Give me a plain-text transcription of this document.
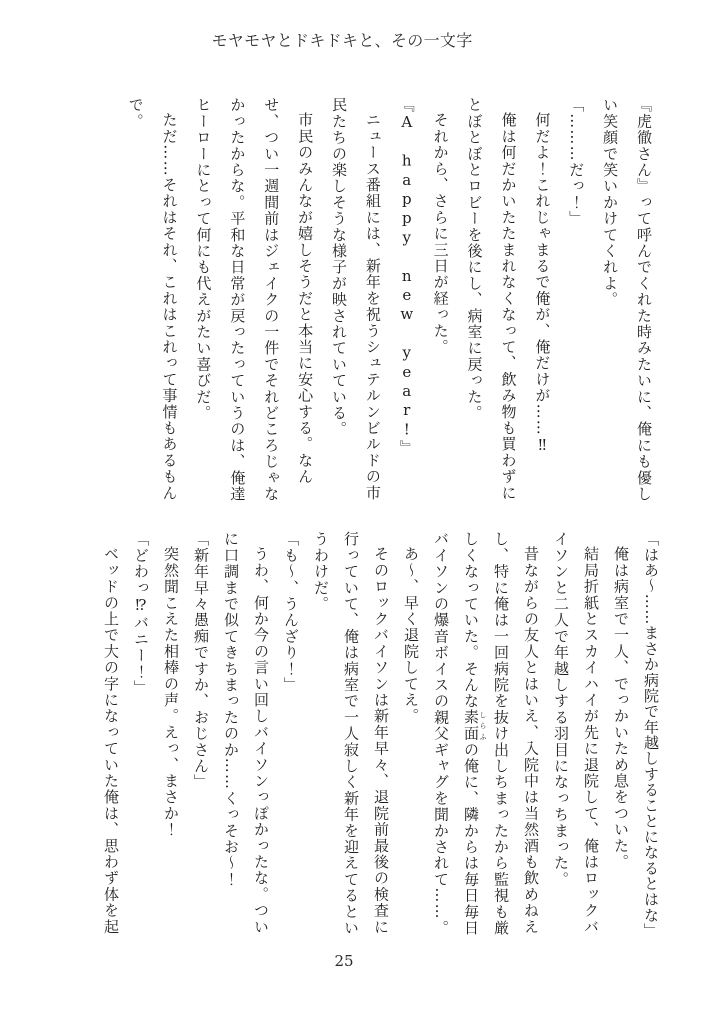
モヤモヤとドキドキと、その一文字

『虎徹さん』って呼んでくれた時みたいに、俺にも優しい笑顔で笑いかけてくれよ。

「………だっ！」

何だよ！これじゃまるで俺が、俺だけが……‼

俺は何だかいたたまれなくなって、飲み物も買わずにとぼとぼとロビーを後にし、病室に戻った。

それから、さらに三日が経った。

『A happy new year!』

ニュース番組には、新年を祝うシュテルンビルドの市民たちの楽しそうな様子が映されていている。

市民のみんなが嬉しそうだと本当に安心する。なんせ、つい一週間前はジェイクの一件でそれどころじゃなかったからな。平和な日常が戻ったっていうのは、俺達ヒーローにとって何にも代えがたい喜びだ。

ただ……それはそれ、これはこれって事情もあるもんで。

「はあ〜……まさか病院で年越しすることになるとはな」

俺は病室で一人、でっかいため息をついた。

結局折紙とスカイハイが先に退院して、俺はロックバイソンと二人で年越しする羽目になっちまった。

昔ながらの友人とはいえ、入院中は当然酒も飲めねえし、特に俺は一回病院を抜け出しちまったから監視も厳しくなっていた。そんな素面 しらふの俺に、隣からは毎日毎日バイソンの爆音ボイスの親父ギャグを聞かされて……。

あ〜、早く退院してえ。

そのロックバイソンは新年早々、退院前最後の検査に行っていて、俺は病室で一人寂しく新年を迎えてるというわけだ。

「も〜、うんざり！」

うわ、何か今の言い回しバイソンっぽかったな。ついに口調まで似てきちまったのか……くっそお〜！

「新年早々愚痴ですか、おじさん」

突然聞こえた相棒の声。えっ、まさか！

「どわっ⁉バニー！」

ベッドの上で大の字になっていた俺は、思わず体を起

25
